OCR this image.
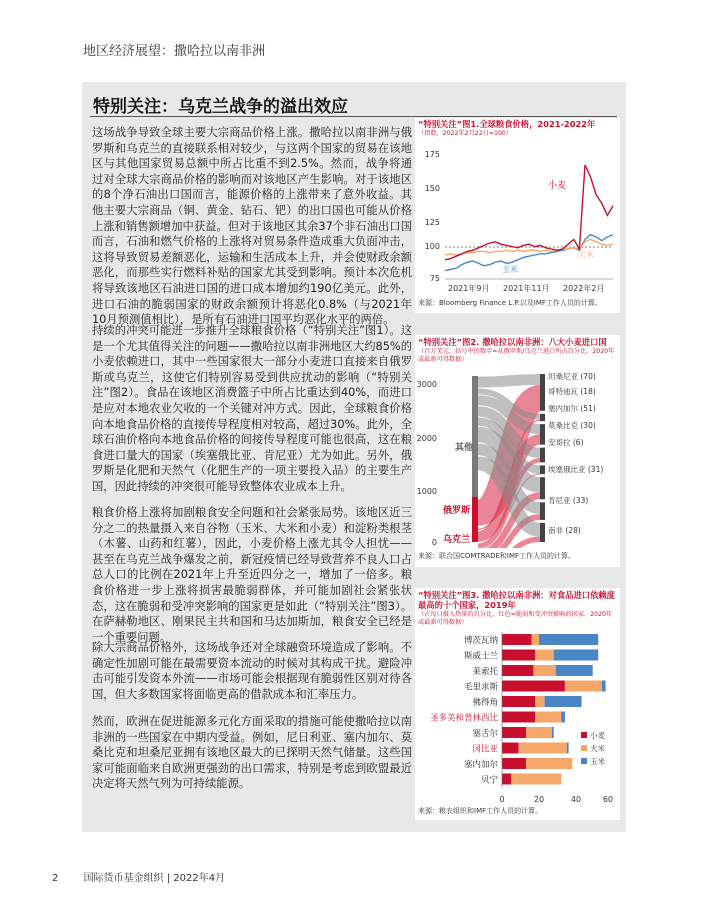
地区经济展望：撒哈拉以南非洲
特别关注：乌克兰战争的溢出效应
这场战争导致全球主要大宗商品价格上涨。撒哈拉以南非洲与俄罗斯和乌克兰的直接联系相对较少，与这两个国家的贸易在该地区与其他国家贸易总额中所占比重不到2.5%。然而，战争将通过对全球大宗商品价格的影响而对该地区产生影响。对于该地区的8个净石油出口国而言，能源价格的上涨带来了意外收益。其他主要大宗商品（铜、黄金、钻石、钯）的出口国也可能从价格上涨和销售额增加中获益。但对于该地区其余37个非石油出口国而言，石油和燃气价格的上涨将对贸易条件造成重大负面冲击，这将导致贸易差额恶化，运输和生活成本上升，并会使财政余额恶化，而那些实行燃料补贴的国家尤其受到影响。预计本次危机将导致该地区石油进口国的进口成本增加约190亿美元。此外，进口石油的脆弱国家的财政余额预计将恶化0.8%（与2021年10月预测值相比），是所有石油进口国平均恶化水平的两倍。
持续的冲突可能进一步推升全球粮食价格（“特别关注”图1）。这是一个尤其值得关注的问题——撒哈拉以南非洲地区大约85%的小麦依赖进口，其中一些国家很大一部分小麦进口直接来自俄罗斯或乌克兰，这使它们特别容易受到供应扰动的影响（“特别关注”图2）。食品在该地区消费篮子中所占比重达到40%，而进口是应对本地农业欠收的一个关键对冲方式。因此，全球粮食价格向本地食品价格的直接传导程度相对较高，超过30%。此外，全球石油价格向本地食品价格的间接传导程度可能也很高，这在粮食进口量大的国家（埃塞俄比亚、肯尼亚）尤为如此。另外，俄罗斯是化肥和天然气（化肥生产的一项主要投入品）的主要生产国，因此持续的冲突很可能导致整体农业成本上升。
粮食价格上涨将加剧粮食安全问题和社会紧张局势。该地区近三分之二的热量摄入来自谷物（玉米、大米和小麦）和淀粉类根茎（木薯、山药和红薯），因此，小麦价格上涨尤其令人担忧——甚至在乌克兰战争爆发之前，新冠疫情已经导致营养不良人口占总人口的比例在2021年上升至近四分之一，增加了一倍多。粮食价格进一步上涨将损害最脆弱群体，并可能加剧社会紧张状态，这在脆弱和受冲突影响的国家更是如此（“特别关注”图3）。在萨赫勒地区、刚果民主共和国和马达加斯加，粮食安全已经是一个重要问题。
除大宗商品价格外，这场战争还对全球融资环境造成了影响。不确定性加剧可能在最需要资本流动的时候对其构成干扰。避险冲击可能引发资本外流——市场可能会根据现有脆弱性区别对待各国，但大多数国家将面临更高的借款成本和汇率压力。
然而，欧洲在促进能源多元化方面采取的措施可能使撒哈拉以南非洲的一些国家在中期内受益。例如，尼日利亚、塞内加尔、莫桑比克和坦桑尼亚拥有该地区最大的已探明天然气储量。这些国家可能面临来自欧洲更强劲的出口需求，特别是考虑到欧盟最近决定将天然气列为可持续能源。
“特别关注”图1.全球粮食价格，2021-2022年
（指数，2022年2月22日=100）
175
150
125
100
75
小麦
大米
玉米
2021年9月 2021年11月 2022年2月
来源：Bloomberg Finance L.P.以及IMF工作人员的计算。
“特别关注”图2. 撒哈拉以南非洲：八大小麦进口国
（百万美元，括号中的数字=从俄罗斯/乌克兰进口所占百分比，2020年或最新可得数据）
3000
2000
1000
0
其他
俄罗斯
乌克兰
坦桑尼亚 (70)
哥特迪瓦 (18)
塞内加尔 (51)
莫桑比克 (30)
安哥拉 (6)
埃塞俄比亚 (31)
肯尼亚 (33)
南非 (28)
来源：联合国COMTRADE和IMF工作人员的计算。
“特别关注”图3. 撒哈拉以南非洲：对食品进口依赖度最高的十个国家，2019年
（占每日摄入热量的百分比，红色=脆弱和受冲突影响的国家，2020年或最新可得数据）
博茨瓦纳
斯威士兰
莱索托
毛里求斯
佛得角
圣多美和普林西比
塞舌尔
冈比亚
塞内加尔
贝宁
0	20	40	60
小麦
大米
玉米
来源：粮农组织和IMF工作人员的计算。
2	国际货币基金组织 | 2022年4月
